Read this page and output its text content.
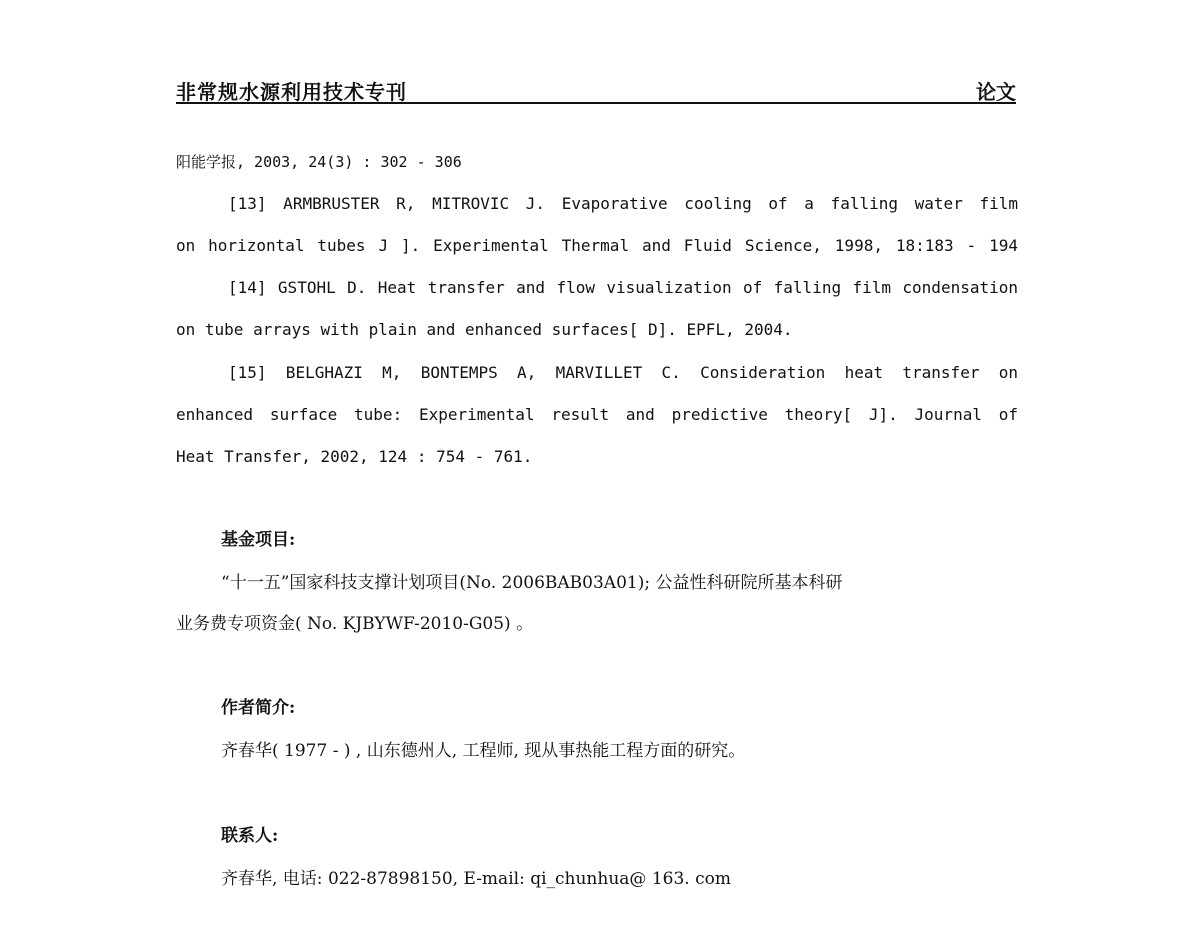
非常规水源利用技术专刊	论文
阳能学报, 2003, 24(3) : 302 - 306
[13] ARMBRUSTER R, MITROVIC J. Evaporative cooling of a falling water film
on horizontal tubes J ]. Experimental Thermal and Fluid Science, 1998, 18:183 - 194
[14] GSTOHL D. Heat transfer and flow visualization of falling film condensation
on tube arrays with plain and enhanced surfaces[ D]. EPFL, 2004.
[15] BELGHAZI M, BONTEMPS A, MARVILLET C. Consideration heat transfer on
enhanced surface tube: Experimental result and predictive theory[ J]. Journal of
Heat Transfer, 2002, 124 : 754 - 761.
基金项目:
“十一五”国家科技支撑计划项目(No. 2006BAB03A01); 公益性科研院所基本科研
业务费专项资金( No. KJBYWF-2010-G05) 。
作者简介:
齐春华( 1977 - ) , 山东德州人, 工程师, 现从事热能工程方面的研究。
联系人:
齐春华, 电话: 022-87898150, E-mail: qi_chunhua@ 163. com
